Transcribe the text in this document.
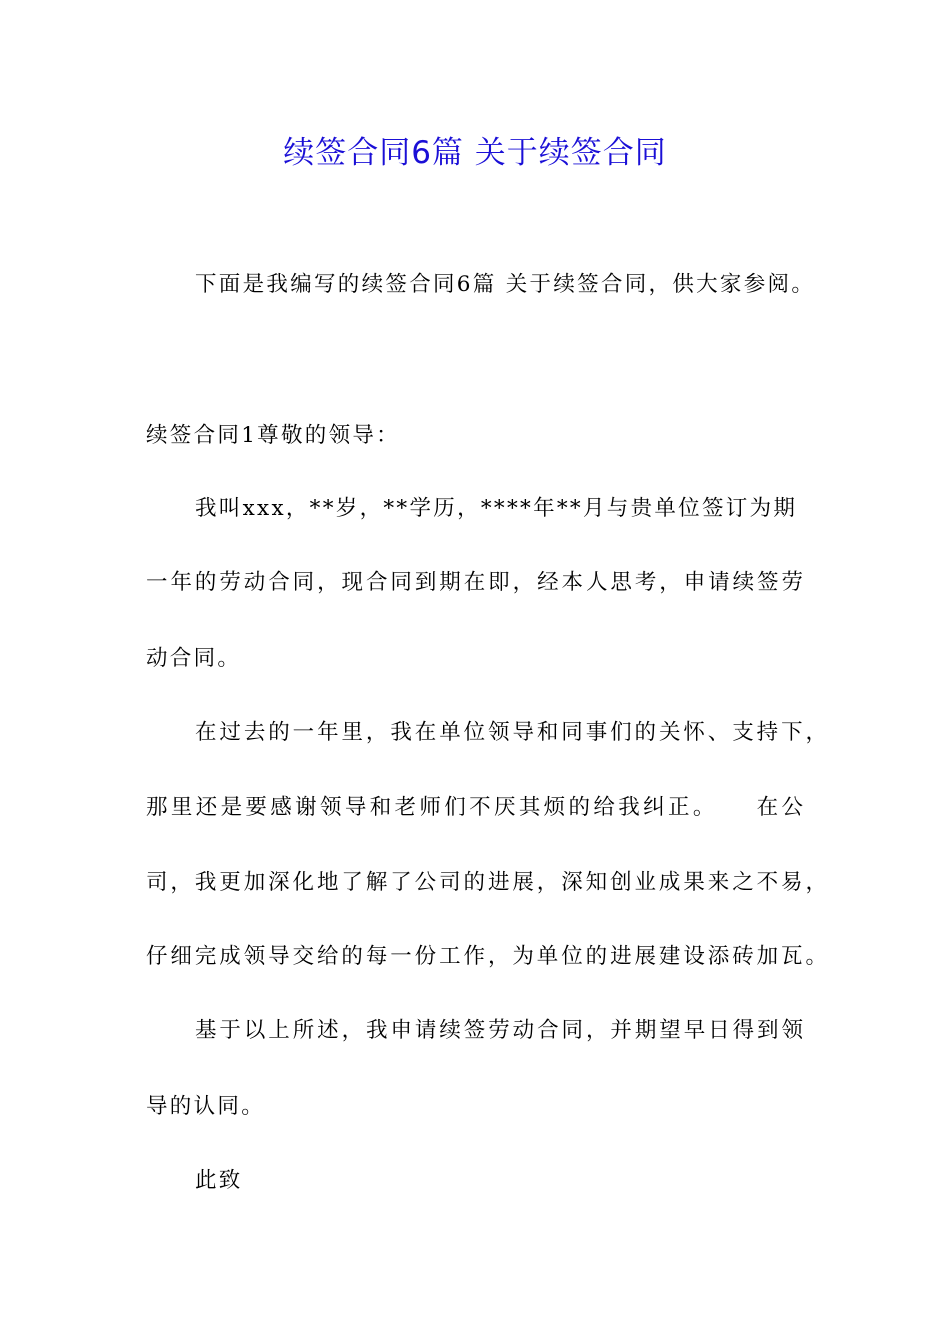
续签合同6篇 关于续签合同
下面是我编写的续签合同6篇 关于续签合同，供大家参阅。
续签合同1尊敬的领导：
我叫xxx，**岁，**学历，****年**月与贵单位签订为期
一年的劳动合同，现合同到期在即，经本人思考，申请续签劳
动合同。
在过去的一年里，我在单位领导和同事们的关怀、支持下，
那里还是要感谢领导和老师们不厌其烦的给我纠正。　　在公
司，我更加深化地了解了公司的进展，深知创业成果来之不易，
仔细完成领导交给的每一份工作，为单位的进展建设添砖加瓦。
基于以上所述，我申请续签劳动合同，并期望早日得到领
导的认同。
此致
